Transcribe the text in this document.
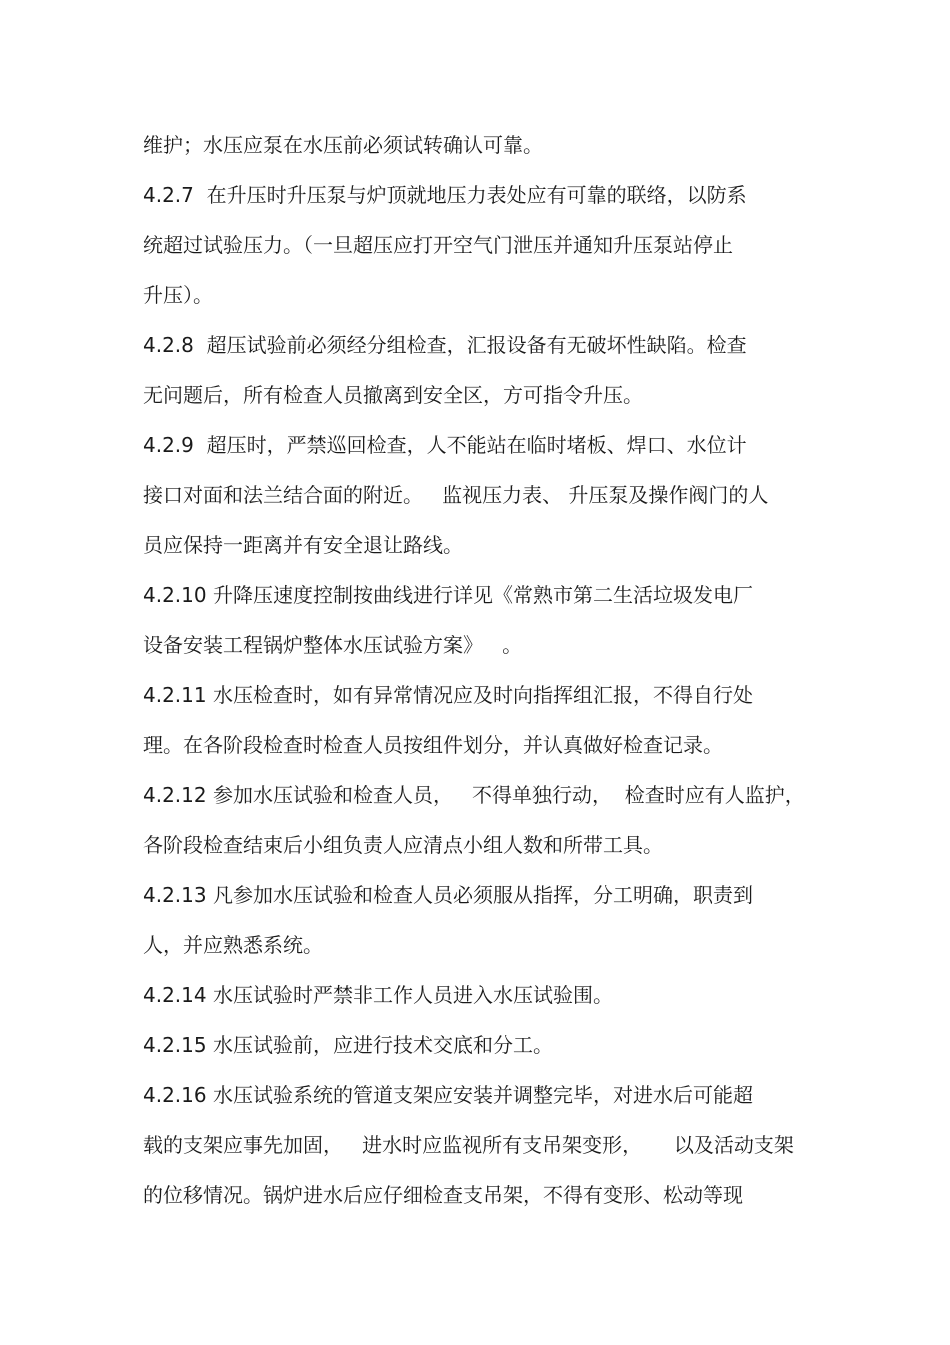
维护；水压应泵在水压前必须试转确认可靠。
4.2.7  在升压时升压泵与炉顶就地压力表处应有可靠的联络，以防系
统超过试验压力。（一旦超压应打开空气门泄压并通知升压泵站停止
升压）。
4.2.8  超压试验前必须经分组检查，汇报设备有无破坏性缺陷。检查
无问题后，所有检查人员撤离到安全区，方可指令升压。
4.2.9  超压时，严禁巡回检查，人不能站在临时堵板、焊口、水位计
接口对面和法兰结合面的附近。   监视压力表、 升压泵及操作阀门的人
员应保持一距离并有安全退让路线。
4.2.10 升降压速度控制按曲线进行详见《常熟市第二生活垃圾发电厂
设备安装工程锅炉整体水压试验方案》   。
4.2.11 水压检查时，如有异常情况应及时向指挥组汇报，不得自行处
理。在各阶段检查时检查人员按组件划分，并认真做好检查记录。
4.2.12 参加水压试验和检查人员，   不得单独行动，  检查时应有人监护，
各阶段检查结束后小组负责人应清点小组人数和所带工具。
4.2.13 凡参加水压试验和检查人员必须服从指挥，分工明确，职责到
人，并应熟悉系统。
4.2.14 水压试验时严禁非工作人员进入水压试验围。
4.2.15 水压试验前，应进行技术交底和分工。
4.2.16 水压试验系统的管道支架应安装并调整完毕，对进水后可能超
载的支架应事先加固，   进水时应监视所有支吊架变形，     以及活动支架
的位移情况。锅炉进水后应仔细检查支吊架，不得有变形、松动等现
